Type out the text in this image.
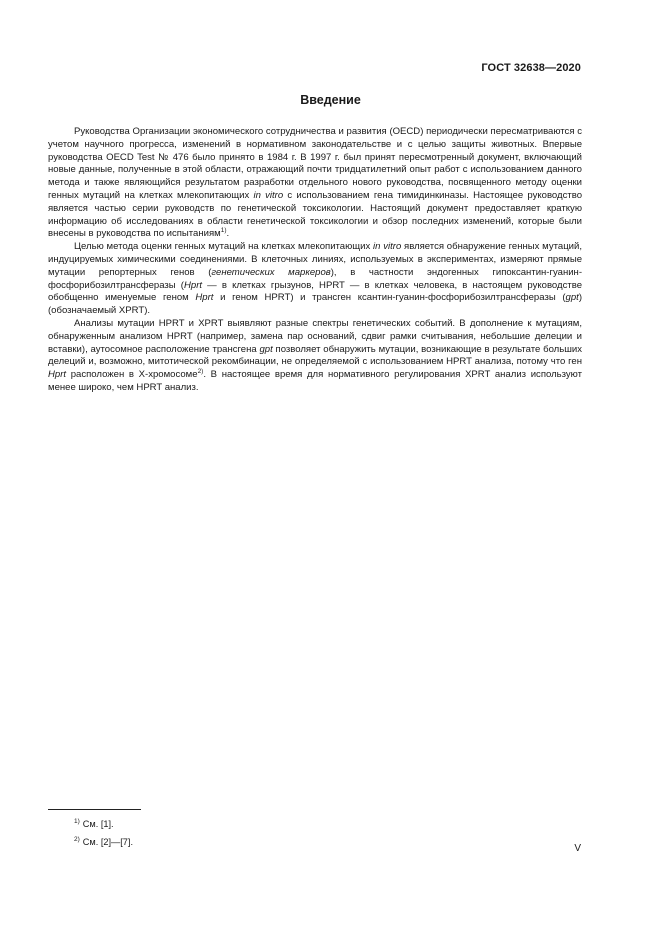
ГОСТ 32638—2020
Введение

Руководства Организации экономического сотрудничества и развития (OECD) периодически пересматриваются с учетом научного прогресса, изменений в нормативном законодательстве и с целью защиты животных. Впервые руководства OECD Test № 476 было принято в 1984 г. В 1997 г. был принят пересмотренный документ, включающий новые данные, полученные в этой области, отражающий почти тридцатилетний опыт работ с использованием данного метода и также являющийся результатом разработки отдельного нового руководства, посвященного методу оценки генных мутаций на клетках млекопитающих in vitro с использованием гена тимидинкиназы. Настоящее руководство является частью серии руководств по генетической токсикологии. Настоящий документ предоставляет краткую информацию об исследованиях в области генетической токсикологии и обзор последних изменений, которые были внесены в руководства по испытаниям$^{1)}$.

Целью метода оценки генных мутаций на клетках млекопитающих in vitro является обнаружение генных мутаций, индуцируемых химическими соединениями. В клеточных линиях, используемых в экспериментах, измеряют прямые мутации репортерных генов (генетических маркеров), в частности эндогенных гипоксантин-гуанин-фосфорибозилтрансферазы (Hprt — в клетках грызунов, HPRT — в клетках человека, в настоящем руководстве обобщенно именуемые геном Hprt и геном HPRT) и трансген ксантин-гуанин-фосфорибозилтрансферазы (gpt) (обозначаемый XPRT).

Анализы мутации HPRT и XPRT выявляют разные спектры генетических событий. В дополнение к мутациям, обнаруженным анализом HPRT (например, замена пар оснований, сдвиг рамки считывания, небольшие делеции и вставки), аутосомное расположение трансгена gpt позволяет обнаружить мутации, возникающие в результате больших делеций и, возможно, митотической рекомбинации, не определяемой с использованием HPRT анализа, потому что ген Hprt расположен в X-хромосоме$^{2)}$. В настоящее время для нормативного регулирования XPRT анализ используют менее широко, чем HPRT анализ.

$^{1)}$ См. [1].
$^{2)}$ См. [2]—[7].
V
